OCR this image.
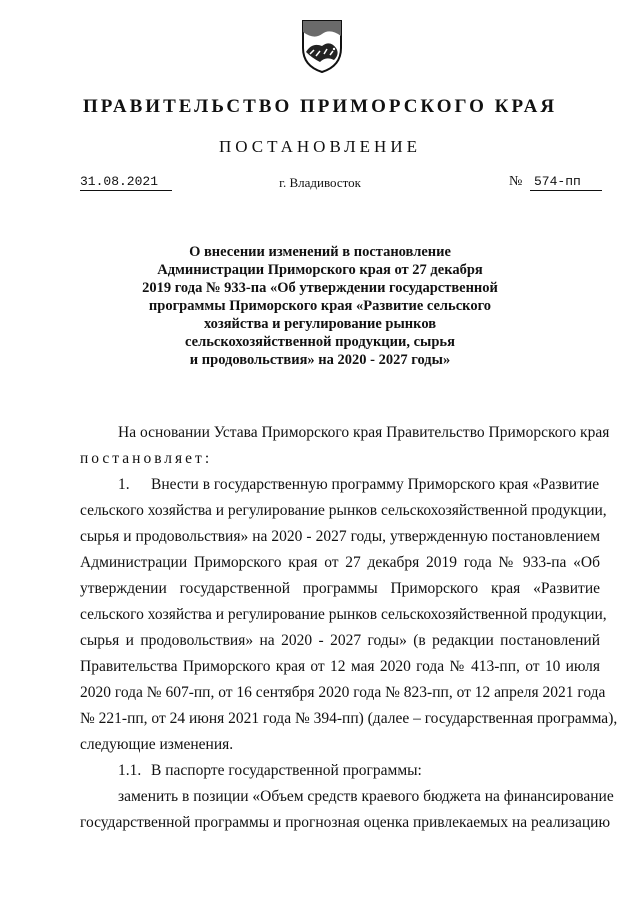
ПРАВИТЕЛЬСТВО ПРИМОРСКОГО КРАЯ
ПОСТАНОВЛЕНИЕ
31.08.2021	г. Владивосток	№ 574-пп
О внесении изменений в постановление
Администрации Приморского края от 27 декабря
2019 года № 933-па «Об утверждении государственной
программы Приморского края «Развитие сельского
хозяйства и регулирование рынков
сельскохозяйственной продукции, сырья
и продовольствия» на 2020 - 2027 годы»
На основании Устава Приморского края Правительство Приморского края
постановляет:
1. Внести в государственную программу Приморского края «Развитие
сельского хозяйства и регулирование рынков сельскохозяйственной продукции,
сырья и продовольствия» на 2020 - 2027 годы, утвержденную постановлением
Администрации Приморского края от 27 декабря 2019 года № 933-па «Об
утверждении государственной программы Приморского края «Развитие
сельского хозяйства и регулирование рынков сельскохозяйственной продукции,
сырья и продовольствия» на 2020 - 2027 годы» (в редакции постановлений
Правительства Приморского края от 12 мая 2020 года № 413-пп, от 10 июля
2020 года № 607-пп, от 16 сентября 2020 года № 823-пп, от 12 апреля 2021 года
№ 221-пп, от 24 июня 2021 года № 394-пп) (далее – государственная программа),
следующие изменения.
1.1. В паспорте государственной программы:
заменить в позиции «Объем средств краевого бюджета на финансирование
государственной программы и прогнозная оценка привлекаемых на реализацию
